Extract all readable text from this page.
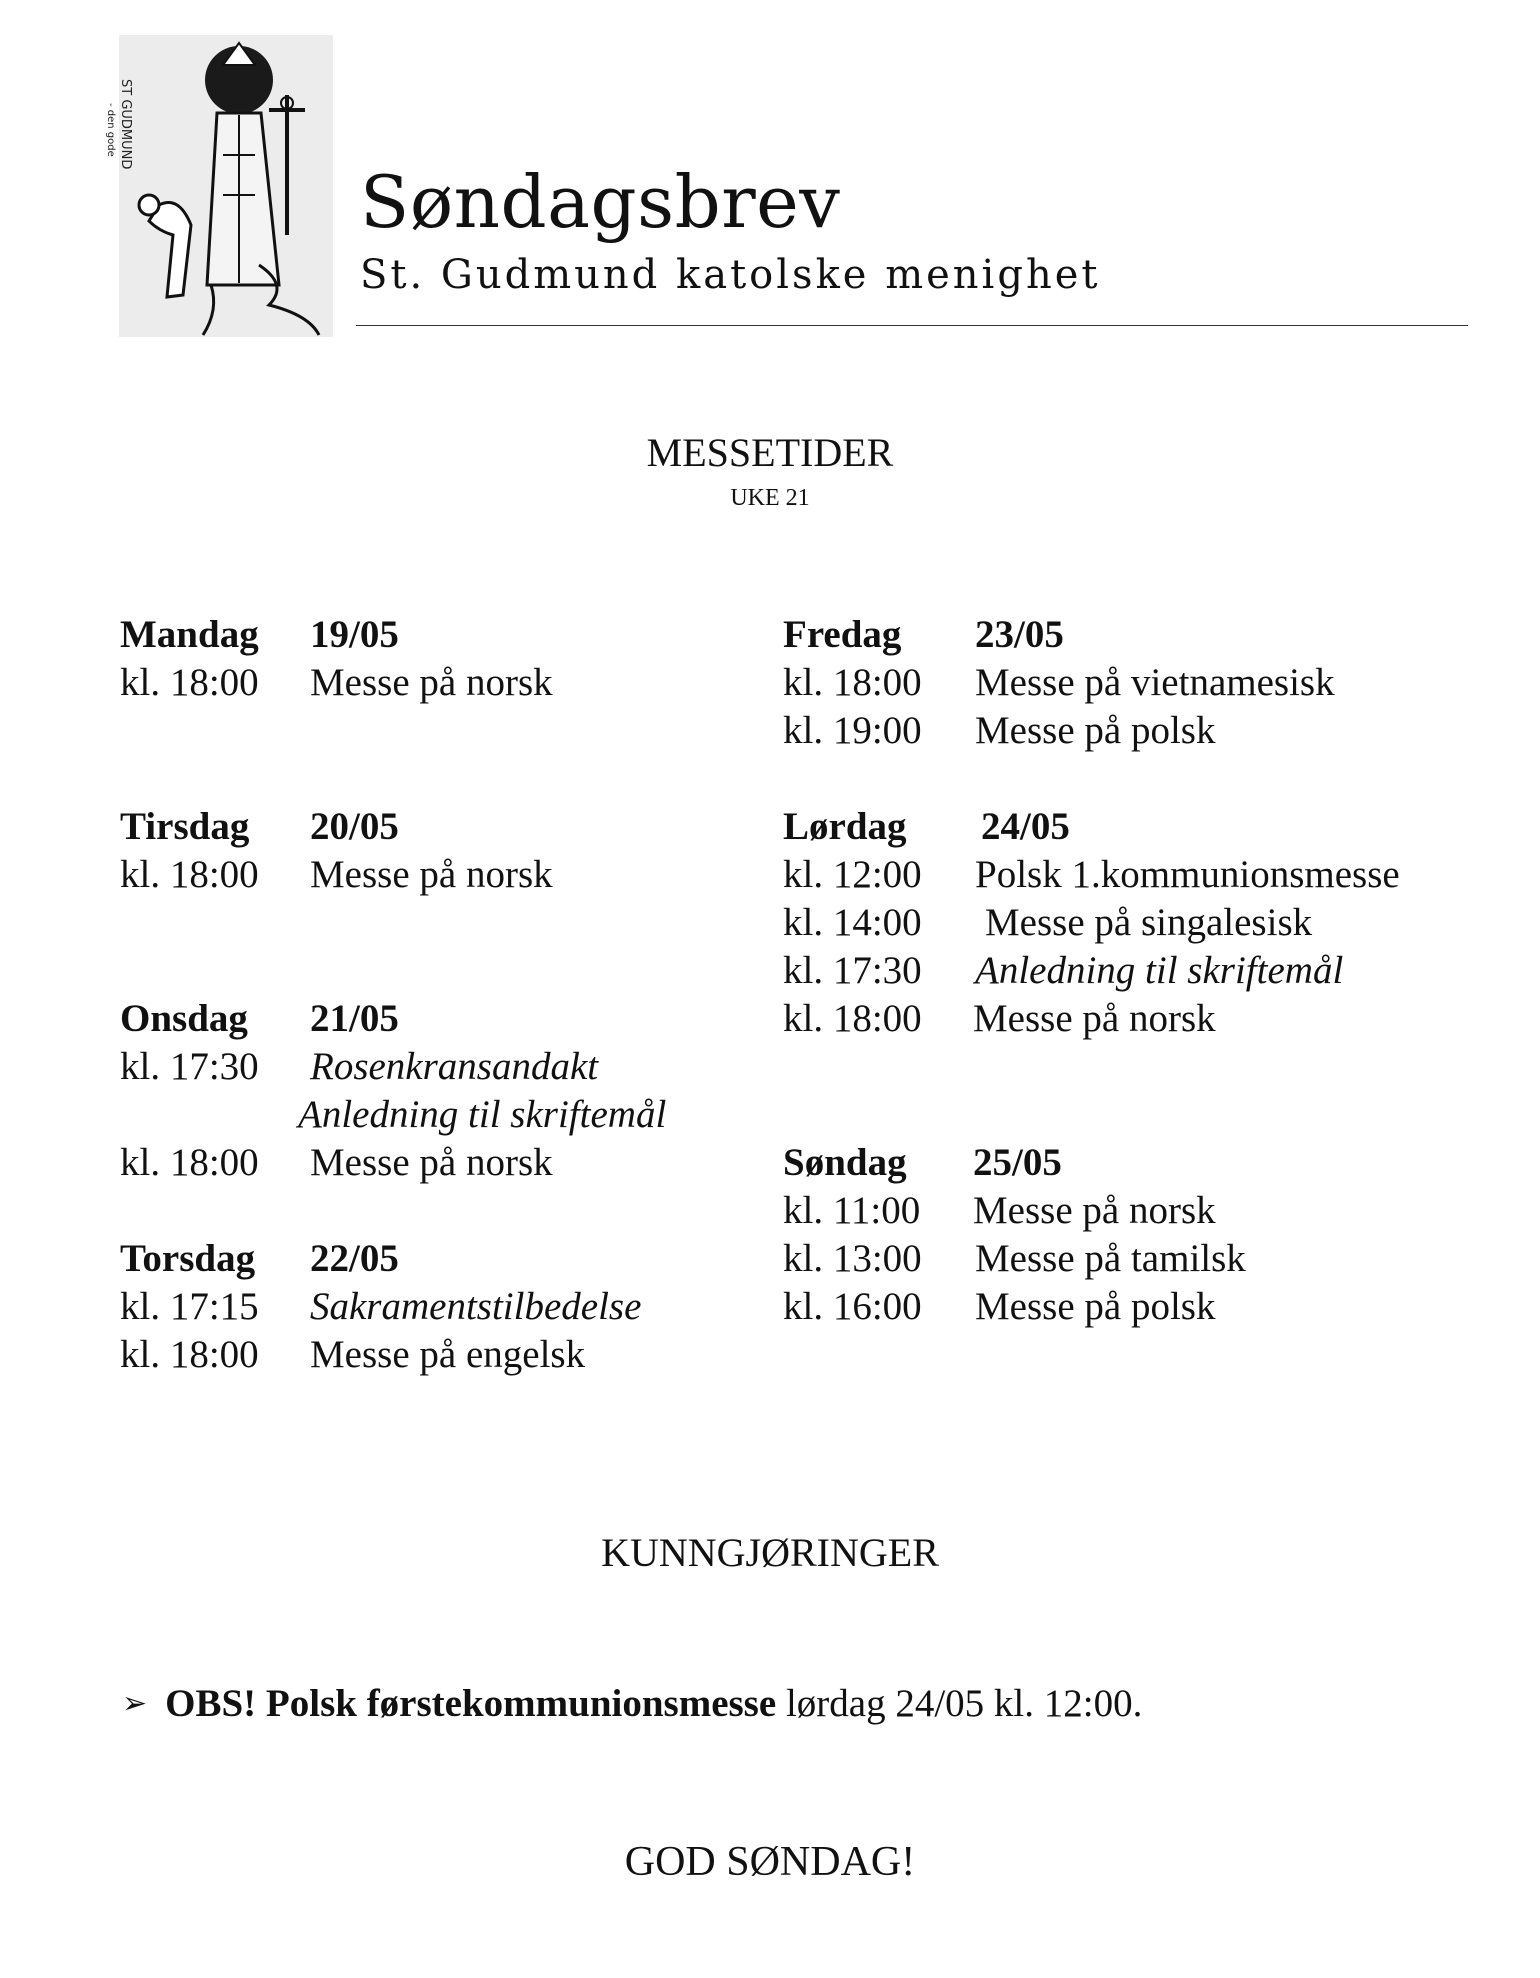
ST GUDMUND
- den gode
Søndagsbrev
St. Gudmund katolske menighet
MESSETIDER
UKE 21
Mandag	19/05
kl. 18:00	Messe på norsk
Tirsdag	20/05
kl. 18:00	Messe på norsk
Onsdag	21/05
kl. 17:30	Rosenkransandakt
Anledning til skriftemål
kl. 18:00	Messe på norsk
Torsdag	22/05
kl. 17:15	Sakramentstilbedelse
kl. 18:00	Messe på engelsk
Fredag	23/05
kl. 18:00	Messe på vietnamesisk
kl. 19:00	Messe på polsk
Lørdag	24/05
kl. 12:00	Polsk 1.kommunionsmesse
kl. 14:00	Messe på singalesisk
kl. 17:30	Anledning til skriftemål
kl. 18:00	Messe på norsk
Søndag	25/05
kl. 11:00	Messe på norsk
kl. 13:00	Messe på tamilsk
kl. 16:00	Messe på polsk
KUNNGJØRINGER
➢ OBS! Polsk førstekommunionsmesse lørdag 24/05 kl. 12:00.
GOD SØNDAG!
